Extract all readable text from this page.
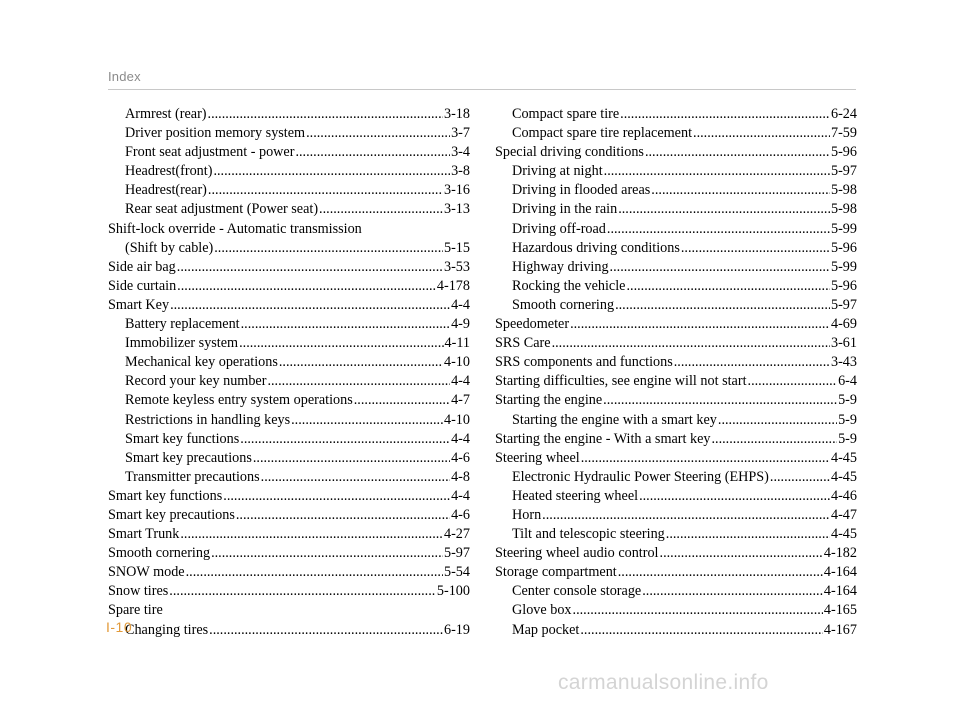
Index
Armrest (rear) .....	3-18
Driver position memory system .....	3-7
Front seat adjustment - power .....	3-4
Headrest(front) .....	3-8
Headrest(rear) .....	3-16
Rear seat adjustment (Power seat) .....	3-13
Shift-lock override - Automatic transmission
(Shift by cable) .....	5-15
Side air bag .....	3-53
Side curtain .....	4-178
Smart Key .....	4-4
Battery replacement .....	4-9
Immobilizer system .....	4-11
Mechanical key operations .....	4-10
Record your key number .....	4-4
Remote keyless entry system operations .....	4-7
Restrictions in handling keys .....	4-10
Smart key functions .....	4-4
Smart key precautions .....	4-6
Transmitter precautions .....	4-8
Smart key functions .....	4-4
Smart key precautions .....	4-6
Smart Trunk .....	4-27
Smooth cornering .....	5-97
SNOW mode .....	5-54
Snow tires .....	5-100
Spare tire
Changing tires .....	6-19
Compact spare tire .....	6-24
Compact spare tire replacement .....	7-59
Special driving conditions .....	5-96
Driving at night .....	5-97
Driving in flooded areas .....	5-98
Driving in the rain .....	5-98
Driving off-road .....	5-99
Hazardous driving conditions .....	5-96
Highway driving .....	5-99
Rocking the vehicle .....	5-96
Smooth cornering .....	5-97
Speedometer .....	4-69
SRS Care .....	3-61
SRS components and functions .....	3-43
Starting difficulties, see engine will not start .....	6-4
Starting the engine .....	5-9
Starting the engine with a smart key .....	5-9
Starting the engine - With a smart key .....	5-9
Steering wheel .....	4-45
Electronic Hydraulic Power Steering (EHPS) .....	4-45
Heated steering wheel .....	4-46
Horn .....	4-47
Tilt and telescopic steering .....	4-45
Steering wheel audio control .....	4-182
Storage compartment .....	4-164
Center console storage .....	4-164
Glove box .....	4-165
Map pocket .....	4-167
I-10
carmanualsonline.info
